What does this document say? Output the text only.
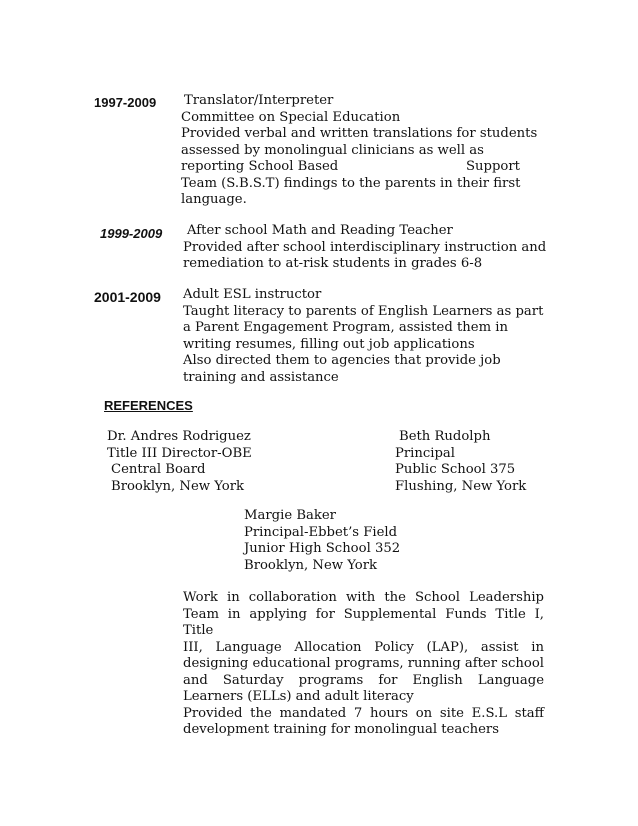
1997-2009 Translator/Interpreter
Committee on Special Education
Provided verbal and written translations for students
assessed by monolingual clinicians as well as
reporting School Based	Support
Team (S.B.S.T) findings to the parents in their first
language.
1999-2009 After school Math and Reading Teacher
Provided after school interdisciplinary instruction and
remediation to at-risk students in grades 6-8
2001-2009 Adult ESL instructor
Taught literacy to parents of English Learners as part
a Parent Engagement Program, assisted them in
writing resumes, filling out job applications
Also directed them to agencies that provide job
training and assistance
REFERENCES
Dr. Andres Rodriguez
Title III Director-OBE
Central Board
Brooklyn, New York
Beth Rudolph
Principal
Public School 375
Flushing, New York
Margie Baker
Principal-Ebbet’s Field
Junior High School 352
Brooklyn, New York
Work in collaboration with the School Leadership
Team in applying for Supplemental Funds Title I, Title
III, Language Allocation Policy (LAP), assist in
designing educational programs, running after school
and Saturday programs for English Language
Learners (ELLs) and adult literacy
Provided the mandated 7 hours on site E.S.L staff
development training for monolingual teachers
